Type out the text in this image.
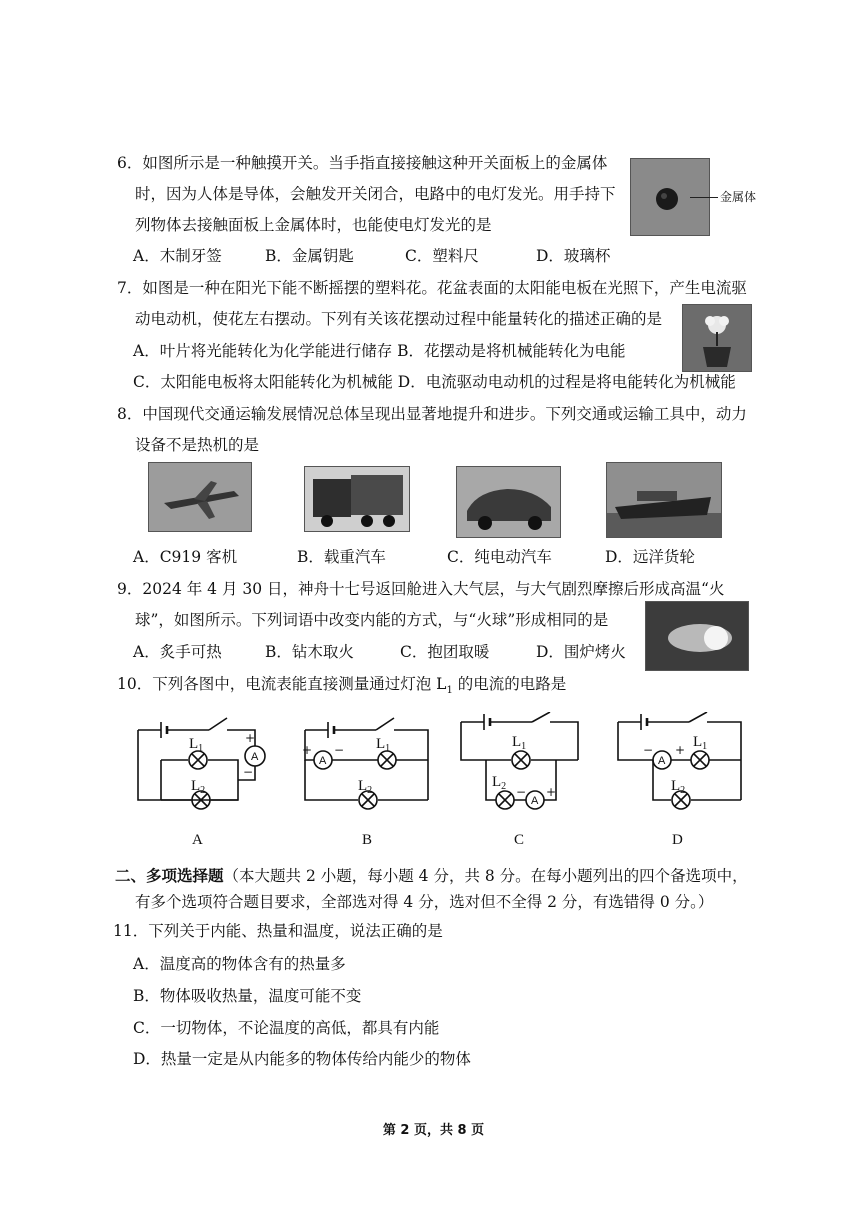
6．如图所示是一种触摸开关。当手指直接接触这种开关面板上的金属体
时，因为人体是导体，会触发开关闭合，电路中的电灯发光。用手持下
列物体去接触面板上金属体时，也能使电灯发光的是
A．木制牙签	B．金属钥匙	C．塑料尺	D．玻璃杯
金属体
7．如图是一种在阳光下能不断摇摆的塑料花。花盆表面的太阳能电板在光照下，产生电流驱
动电动机，使花左右摆动。下列有关该花摆动过程中能量转化的描述正确的是
A．叶片将光能转化为化学能进行储存 B．花摆动是将机械能转化为电能
C．太阳能电板将太阳能转化为机械能 D．电流驱动电动机的过程是将电能转化为机械能
8．中国现代交通运输发展情况总体呈现出显著地提升和进步。下列交通或运输工具中，动力
设备不是热机的是
A．C919 客机	B．载重汽车	C．纯电动汽车	D．远洋货轮
9．2024 年 4 月 30 日，神舟十七号返回舱进入大气层，与大气剧烈摩擦后形成高温“火
球”，如图所示。下列词语中改变内能的方式，与“火球”形成相同的是
A．炙手可热	B．钻木取火	C．抱团取暖	D．围炉烤火
10．下列各图中，电流表能直接测量通过灯泡 $L_1$ 的电流的电路是
A
$L_1$
$L_2$
+
−
A
$L_1$
$L_2$
+ −
A
$L_1$
$L_2$ − +
A
$L_1$
$L_2$
− +
A	B	C	D
二、多项选择题（本大题共 2 小题，每小题 4 分，共 8 分。在每小题列出的四个备选项中，
有多个选项符合题目要求，全部选对得 4 分，选对但不全得 2 分，有选错得 0 分。）
11．下列关于内能、热量和温度，说法正确的是
A．温度高的物体含有的热量多
B．物体吸收热量，温度可能不变
C．一切物体，不论温度的高低，都具有内能
D．热量一定是从内能多的物体传给内能少的物体
第 2 页，共 8 页
